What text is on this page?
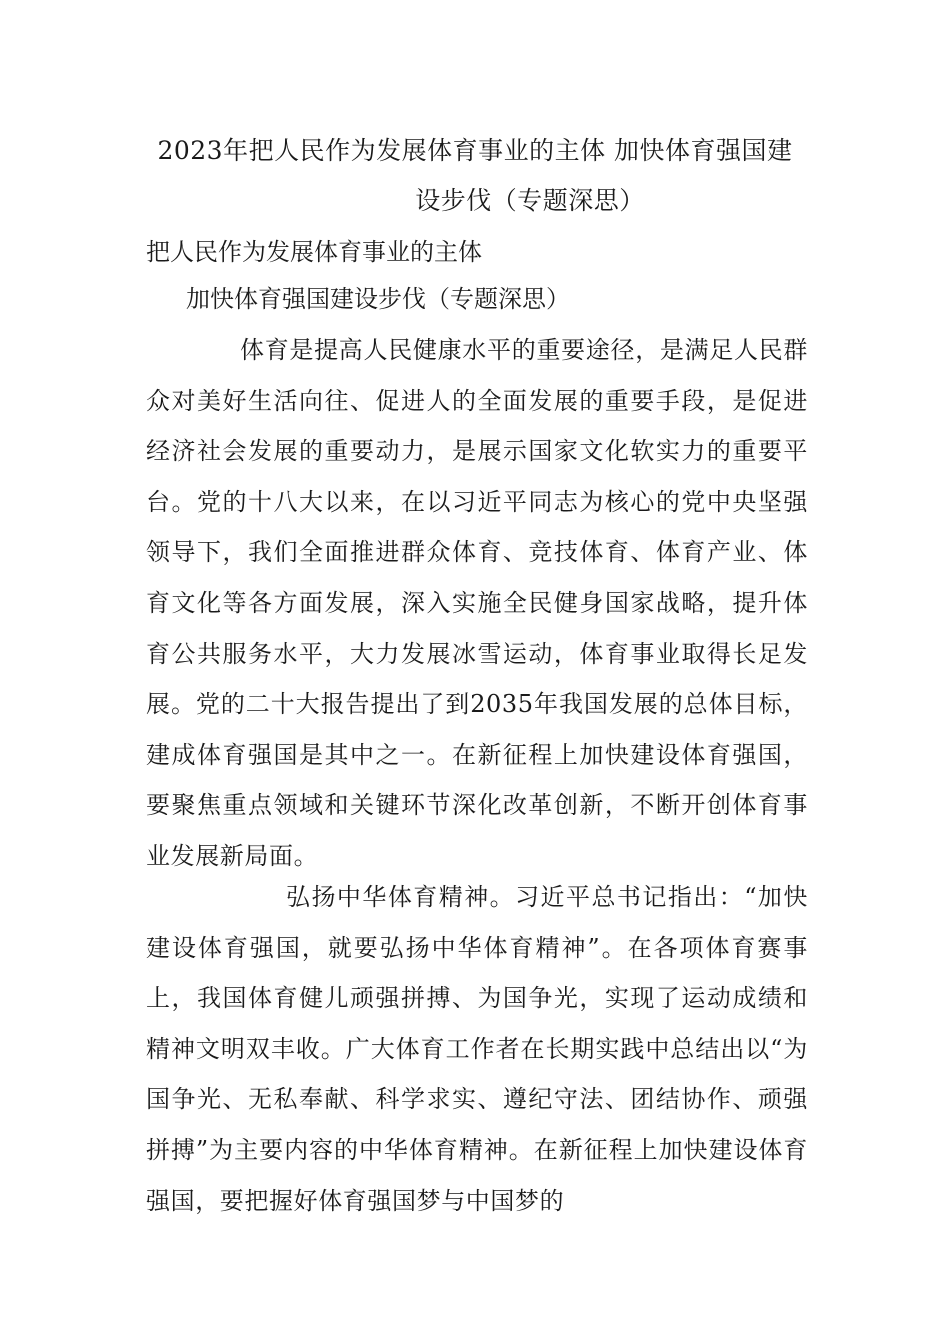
2023年把人民作为发展体育事业的主体 加快体育强国建
设步伐（专题深思）
把人民作为发展体育事业的主体
加快体育强国建设步伐（专题深思）

体育是提高人民健康水平的重要途径，是满足人民群众对美好生活向往、促进人的全面发展的重要手段，是促进经济社会发展的重要动力，是展示国家文化软实力的重要平台。党的十八大以来，在以习近平同志为核心的党中央坚强领导下，我们全面推进群众体育、竞技体育、体育产业、体育文化等各方面发展，深入实施全民健身国家战略，提升体育公共服务水平，大力发展冰雪运动，体育事业取得长足发展。党的二十大报告提出了到2035年我国发展的总体目标，建成体育强国是其中之一。在新征程上加快建设体育强国，要聚焦重点领域和关键环节深化改革创新，不断开创体育事业发展新局面。

弘扬中华体育精神。习近平总书记指出：“加快建设体育强国，就要弘扬中华体育精神”。在各项体育赛事上，我国体育健儿顽强拼搏、为国争光，实现了运动成绩和精神文明双丰收。广大体育工作者在长期实践中总结出以“为国争光、无私奉献、科学求实、遵纪守法、团结协作、顽强拼搏”为主要内容的中华体育精神。在新征程上加快建设体育强国，要把握好体育强国梦与中国梦的
